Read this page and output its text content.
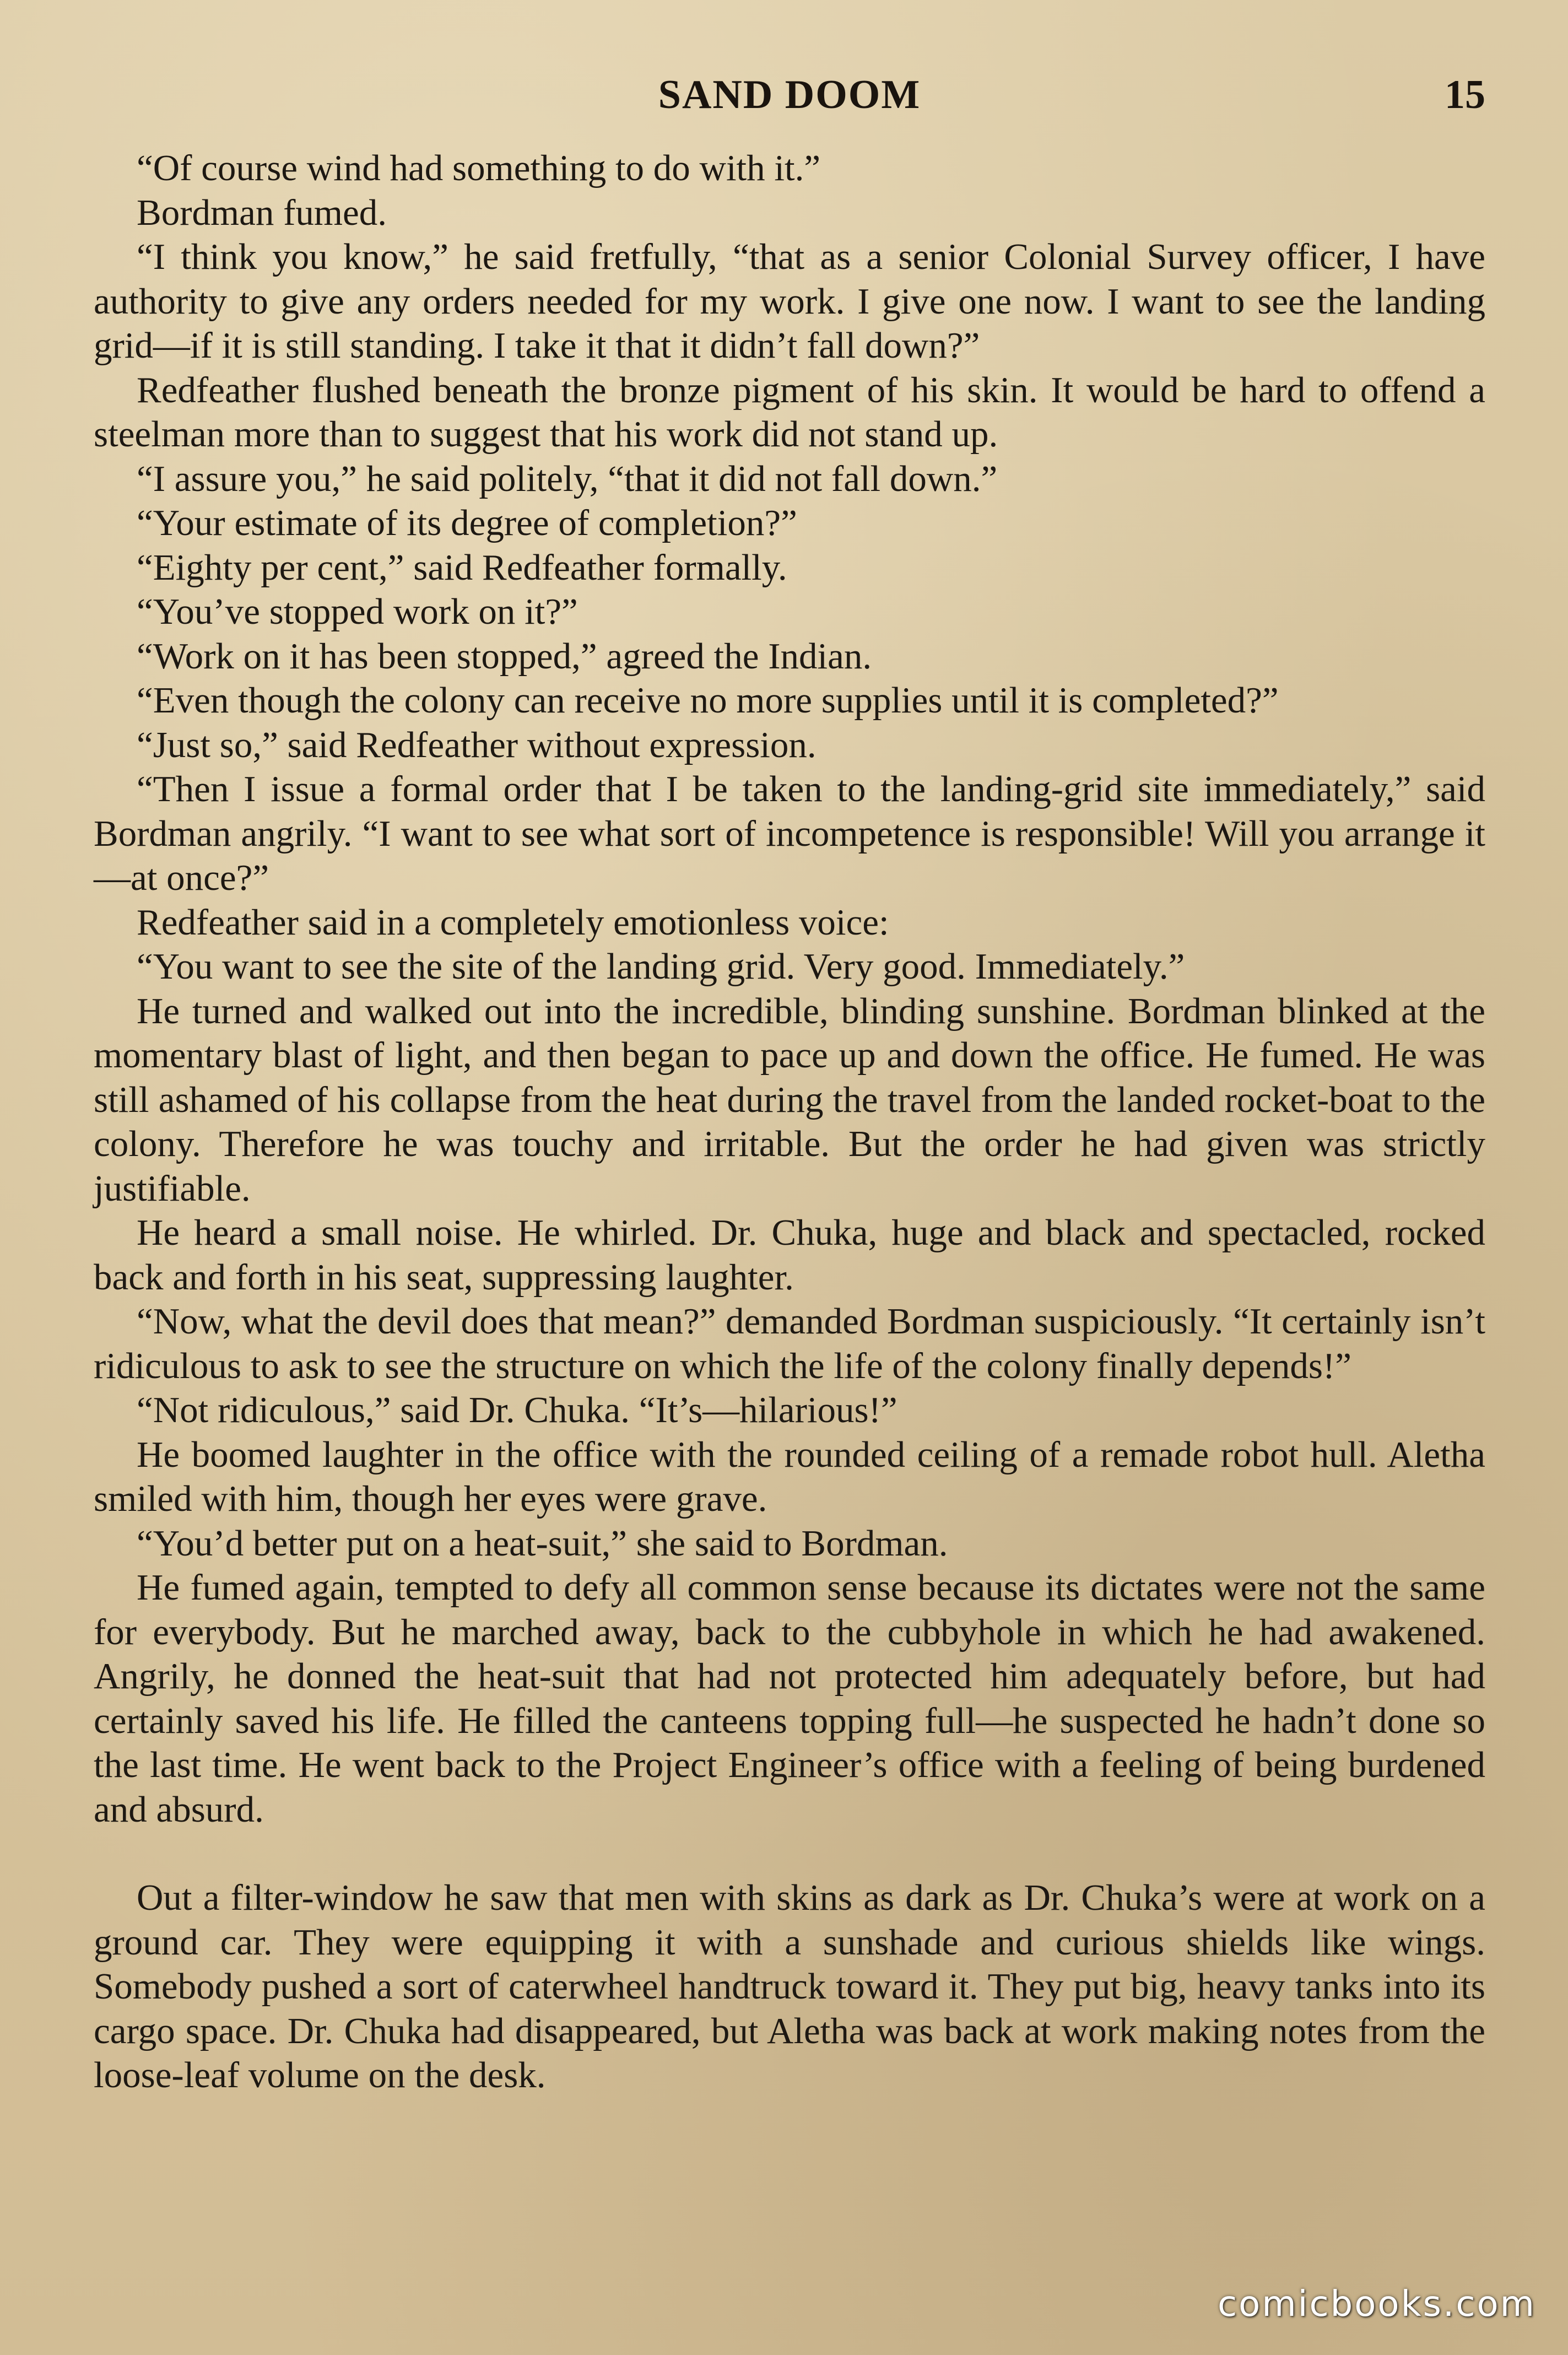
SAND DOOM	15

“Of course wind had something to do with it.”

Bordman fumed.

“I think you know,” he said fretfully, “that as a senior Colonial Survey officer, I have authority to give any orders needed for my work. I give one now. I want to see the landing grid—if it is still standing. I take it that it didn’t fall down?”

Redfeather flushed beneath the bronze pigment of his skin. It would be hard to offend a steelman more than to suggest that his work did not stand up.

“I assure you,” he said politely, “that it did not fall down.”

“Your estimate of its degree of completion?”

“Eighty per cent,” said Redfeather formally.

“You’ve stopped work on it?”

“Work on it has been stopped,” agreed the Indian.

“Even though the colony can receive no more supplies until it is completed?”

“Just so,” said Redfeather without expression.

“Then I issue a formal order that I be taken to the landing-grid site immediately,” said Bordman angrily. “I want to see what sort of incompetence is responsible! Will you arrange it—at once?”

Redfeather said in a completely emotionless voice:

“You want to see the site of the landing grid. Very good. Immediately.”

He turned and walked out into the incredible, blinding sunshine. Bordman blinked at the momentary blast of light, and then began to pace up and down the office. He fumed. He was still ashamed of his collapse from the heat during the travel from the landed rocket-boat to the colony. Therefore he was touchy and irritable. But the order he had given was strictly justifiable.

He heard a small noise. He whirled. Dr. Chuka, huge and black and spectacled, rocked back and forth in his seat, suppressing laughter.

“Now, what the devil does that mean?” demanded Bordman suspiciously. “It certainly isn’t ridiculous to ask to see the structure on which the life of the colony finally depends!”

“Not ridiculous,” said Dr. Chuka. “It’s—hilarious!”

He boomed laughter in the office with the rounded ceiling of a remade robot hull. Aletha smiled with him, though her eyes were grave.

“You’d better put on a heat-suit,” she said to Bordman.

He fumed again, tempted to defy all common sense because its dictates were not the same for everybody. But he marched away, back to the cubbyhole in which he had awakened. Angrily, he donned the heat-suit that had not protected him adequately before, but had certainly saved his life. He filled the canteens topping full—he suspected he hadn’t done so the last time. He went back to the Project Engineer’s office with a feeling of being burdened and absurd.

Out a filter-window he saw that men with skins as dark as Dr. Chuka’s were at work on a ground car. They were equipping it with a sunshade and curious shields like wings. Somebody pushed a sort of caterwheel handtruck toward it. They put big, heavy tanks into its cargo space. Dr. Chuka had disappeared, but Aletha was back at work making notes from the loose-leaf volume on the desk.

comicbooks.com
